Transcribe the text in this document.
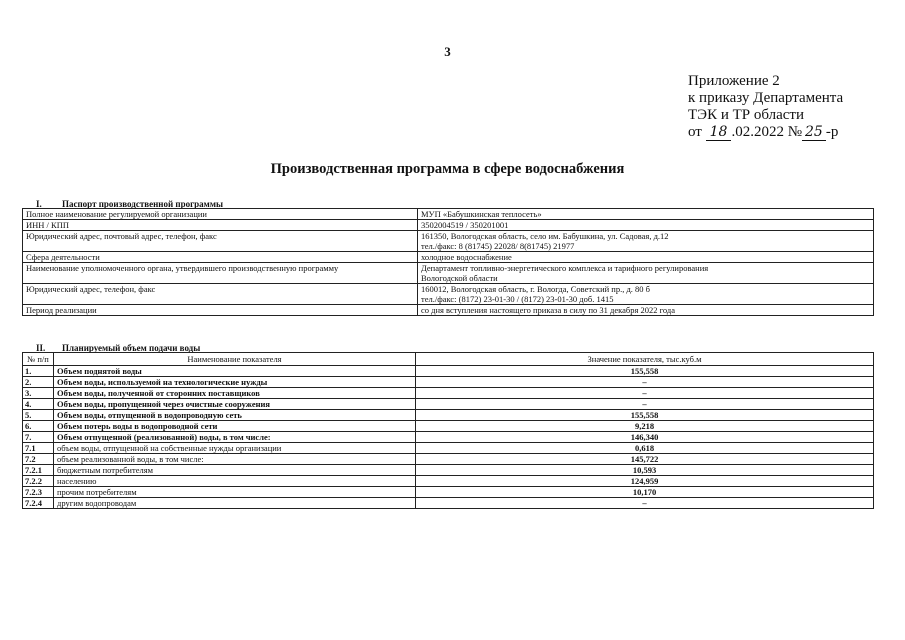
3
Приложение 2
к приказу Департамента
ТЭК и ТР области
от 18 .02.2022 № 25 -р
Производственная программа в сфере водоснабжения
I. Паспорт производственной программы
Полное наименование регулируемой организации	МУП «Бабушкинская теплосеть»

ИНН / КПП	3502004519 / 350201001

Юридический адрес, почтовый адрес, телефон, факс	161350, Вологодская область, село им. Бабушкина, ул. Садовая, д.12
тел./факс: 8 (81745) 22028/ 8(81745) 21977

Сфера деятельности	холодное водоснабжение

Наименование уполномоченного органа, утвердившего производственную программу	Департамент топливно-энергетического комплекса и тарифного регулирования
Вологодской области

Юридический адрес, телефон, факс	160012, Вологодская область, г. Вологда, Советский пр., д. 80 б
тел./факс: (8172) 23-01-30 / (8172) 23-01-30 доб. 1415

Период реализации	со дня вступления настоящего приказа в силу по 31 декабря 2022 года
II. Планируемый объем подачи воды
№ п/п	Наименование показателя	Значение показателя, тыс.куб.м
1.	Объем поднятой воды	155,558
2.	Объем воды, используемой на технологические нужды	–
3.	Объем воды, полученной от сторонних поставщиков	–
4.	Объем воды, пропущенной через очистные сооружения	–
5.	Объем воды, отпущенной в водопроводную сеть	155,558
6.	Объем потерь воды в водопроводной сети	9,218
7.	Объем отпущенной (реализованной) воды, в том числе:	146,340
7.1	объем воды, отпущенной на собственные нужды организации	0,618
7.2	объем реализованной воды, в том числе:	145,722
7.2.1	бюджетным потребителям	10,593
7.2.2	населению	124,959
7.2.3	прочим потребителям	10,170
7.2.4	другим водопроводам	–
